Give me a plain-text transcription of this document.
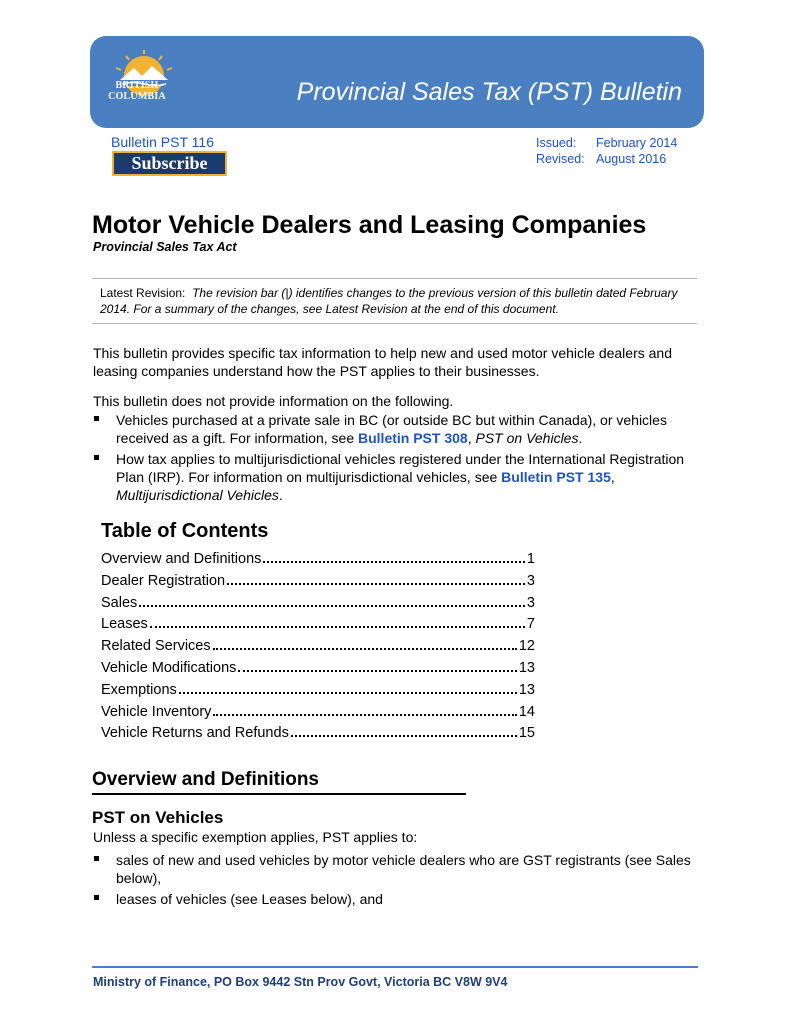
BRITISH
COLUMBIA	Provincial Sales Tax (PST) Bulletin
Bulletin PST 116
Subscribe
Issued: February 2014
Revised: August 2016
Motor Vehicle Dealers and Leasing Companies
Provincial Sales Tax Act
Latest Revision: The revision bar (|) identifies changes to the previous version of this bulletin dated February 2014. For a summary of the changes, see Latest Revision at the end of this document.
This bulletin provides specific tax information to help new and used motor vehicle dealers and leasing companies understand how the PST applies to their businesses.
This bulletin does not provide information on the following.
Vehicles purchased at a private sale in BC (or outside BC but within Canada), or vehicles received as a gift. For information, see Bulletin PST 308, PST on Vehicles.
How tax applies to multijurisdictional vehicles registered under the International Registration Plan (IRP). For information on multijurisdictional vehicles, see Bulletin PST 135, Multijurisdictional Vehicles.
Table of Contents
Overview and Definitions	1
Dealer Registration	3
Sales	3
Leases	7
Related Services	12
Vehicle Modifications	13
Exemptions	13
Vehicle Inventory	14
Vehicle Returns and Refunds	15
Overview and Definitions
PST on Vehicles
Unless a specific exemption applies, PST applies to:
sales of new and used vehicles by motor vehicle dealers who are GST registrants (see Sales below),
leases of vehicles (see Leases below), and
Ministry of Finance, PO Box 9442 Stn Prov Govt, Victoria BC V8W 9V4
